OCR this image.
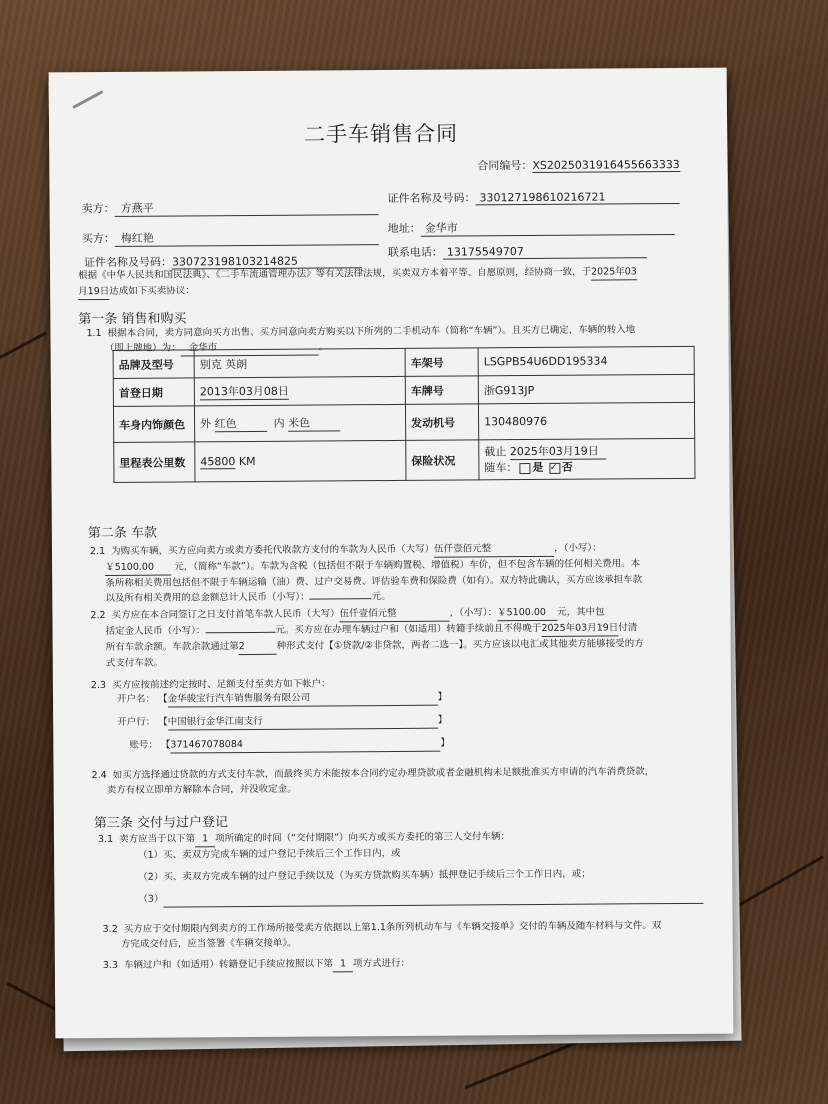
二手车销售合同
合同编号：XS2025031916455663333
卖方： 方燕平
证件名称及号码： 330127198610216721
买方： 梅红艳
地址： 金华市
证件名称及号码：330723198103214825
联系电话： 13175549707
根据《中华人民共和国民法典》、《二手车流通管理办法》等有关法律法规，买卖双方本着平等、自愿原则，经协商一致，于2025年03
月19日达成如下买卖协议：
第一条 销售和购买
1.1 根据本合同，卖方同意向买方出售、买方同意向卖方购买以下所列的二手机动车（简称“车辆”）。且买方已确定，车辆的转入地
（即上牌地）为： 金华市	。
品牌及型号	别克 英朗	车架号	LSGPB54U6DD195334
首登日期	2013年03月08日	车牌号	浙G913JP
车身内饰颜色	外 红色 内 米色	发动机号	130480976
里程表公里数	45800 KM	保险状况	截止 2025年03月19日
随车： 是 ✓ 否
第二条 车款
2.1 为购买车辆，买方应向卖方或卖方委托代收款方支付的车款为人民币（大写）伍仟壹佰元整	，（小写）：
￥5100.00 元，（简称“车款”）。车款为含税（包括但不限于车辆购置税、增值税）车价，但不包含车辆的任何相关费用。本
条所称相关费用包括但不限于车辆运输（油）费、过户交易费、评估验车费和保险费（如有）。双方特此确认，买方应该承担车款
以及所有相关费用的总金额总计人民币（小写）：	元。
2.2 买方应在本合同签订之日支付首笔车款人民币（大写）伍仟壹佰元整	，（小写）：￥5100.00 元，其中包
括定金人民币（小写）：	元。买方应在办理车辆过户和（如适用）转籍手续前且不得晚于2025年03月19日付清
所有车款余额。车款余款通过第2	种形式支付【①贷款/②非贷款，两者二选一】。买方应该以电汇或其他卖方能够接受的方
式支付车款。
2.3 买方应按前述约定按时、足额支付至卖方如下帐户：
开户名： 【金华骏宝行汽车销售服务有限公司	】
开户行： 【中国银行金华江南支行	】
账号： 【371467078084	】
2.4 如买方选择通过贷款的方式支付车款，而最终买方未能按本合同约定办理贷款或者金融机构未足额批准买方申请的汽车消费贷款，
卖方有权立即单方解除本合同，并没收定金。
第三条 交付与过户登记
3.1 卖方应当于以下第 1 项所确定的时间（“交付期限”）向买方或买方委托的第三人交付车辆：
（1）买、卖双方完成车辆的过户登记手续后三个工作日内，或
（2）买、卖双方完成车辆的过户登记手续以及（为买方贷款购买车辆）抵押登记手续后三个工作日内，或；
（3）
3.2 买方应于交付期限内到卖方的工作场所接受卖方依据以上第1.1条所列机动车与《车辆交接单》交付的车辆及随车材料与文件。双
方完成交付后，应当签署《车辆交接单》。
3.3 车辆过户和（如适用）转籍登记手续应按照以下第 1 项方式进行：
